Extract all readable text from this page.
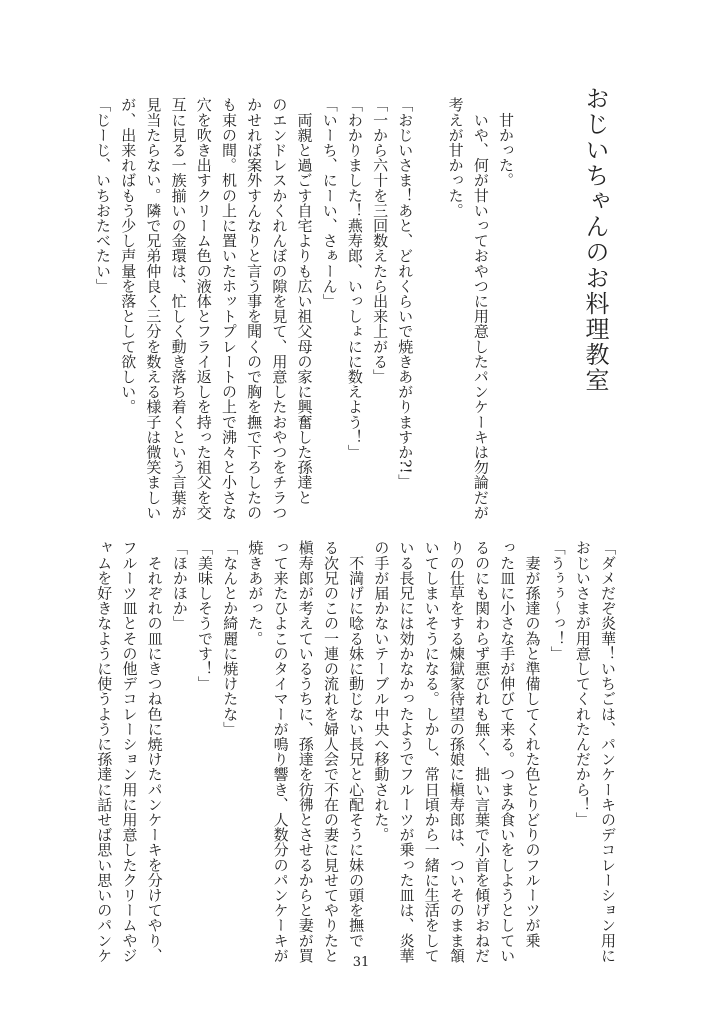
おじいちゃんのお料理教室

　甘かった。

　いや、何が甘いっておやつに用意したパンケーキは勿論だが

考えが甘かった。

「おじいさま！あと、どれくらいで焼きあがりますか?!」

「一から六十を三回数えたら出来上がる」

「わかりました！燕寿郎、いっしょにに数えよう！」

「いーち、にーい、さぁーん」

　両親と過ごす自宅よりも広い祖父母の家に興奮した孫達と

のエンドレスかくれんぼの隙を見て、用意したおやつをチラつ

かせれば案外すんなりと言う事を聞くので胸を撫で下ろしたの

も束の間。机の上に置いたホットプレートの上で沸々と小さな

穴を吹き出すクリーム色の液体とフライ返しを持った祖父を交

互に見る一族揃いの金環は、忙しく動き落ち着くという言葉が

見当たらない。隣で兄弟仲良く三分を数える様子は微笑ましい

が、出来ればもう少し声量を落として欲しい。

「じーじ、いちおたべたい」

「ダメだぞ炎華！いちごは、パンケーキのデコレーション用に

おじいさまが用意してくれたんだから！」

「うぅぅ〜っ！」

　妻が孫達の為と準備してくれた色とりどりのフルーツが乗

った皿に小さな手が伸びて来る。つまみ食いをしようとしてい

るのにも関わらず悪びれも無く、拙い言葉で小首を傾げおねだ

りの仕草をする煉獄家待望の孫娘に槇寿郎は、ついそのまま頷

いてしまいそうになる。しかし、常日頃から一緒に生活をして

いる長兄には効かなかったようでフルーツが乗った皿は、炎華

の手が届かないテーブル中央へ移動された。

　不満げに唸る妹に動じない長兄と心配そうに妹の頭を撫で

る次兄のこの一連の流れを婦人会で不在の妻に見せてやりたと

槇寿郎が考えているうちに、孫達を彷彿とさせるからと妻が買

って来たひよこのタイマーが鳴り響き、人数分のパンケーキが

焼きあがった。

「なんとか綺麗に焼けたな」

「美味しそうです！」

「ほかほか」

　それぞれの皿にきつね色に焼けたパンケーキを分けてやり、

フルーツ皿とその他デコレーション用に用意したクリームやジ

ャムを好きなように使うように孫達に話せば思い思いのパンケ	31
